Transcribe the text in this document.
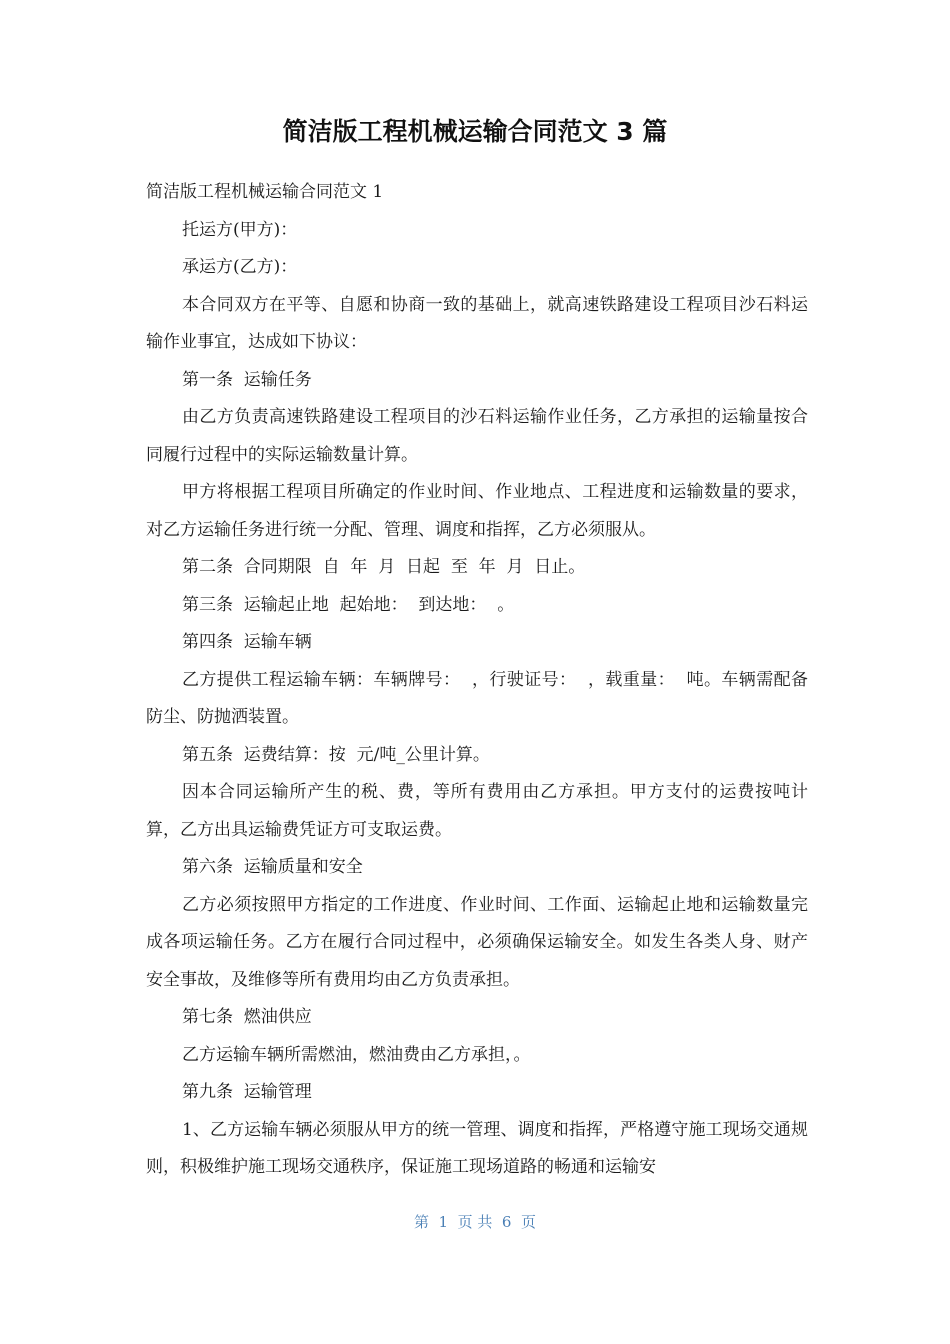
简洁版工程机械运输合同范文 3 篇

简洁版工程机械运输合同范文 1

托运方(甲方)：

承运方(乙方)：

本合同双方在平等、自愿和协商一致的基础上，就高速铁路建设工程项目沙石料运输作业事宜，达成如下协议：

第一条  运输任务

由乙方负责高速铁路建设工程项目的沙石料运输作业任务，乙方承担的运输量按合同履行过程中的实际运输数量计算。

甲方将根据工程项目所确定的作业时间、作业地点、工程进度和运输数量的要求，对乙方运输任务进行统一分配、管理、调度和指挥，乙方必须服从。

第二条  合同期限  自  年  月  日起  至  年  月  日止。

第三条  运输起止地  起始地：  到达地：  。

第四条  运输车辆

乙方提供工程运输车辆：车辆牌号：  ，行驶证号：  ，载重量：  吨。车辆需配备防尘、防抛洒装置。

第五条  运费结算：按  元/吨_公里计算。

因本合同运输所产生的税、费，等所有费用由乙方承担。甲方支付的运费按吨计算，乙方出具运输费凭证方可支取运费。

第六条  运输质量和安全

乙方必须按照甲方指定的工作进度、作业时间、工作面、运输起止地和运输数量完成各项运输任务。乙方在履行合同过程中，必须确保运输安全。如发生各类人身、财产安全事故，及维修等所有费用均由乙方负责承担。

第七条  燃油供应

乙方运输车辆所需燃油，燃油费由乙方承担，。

第九条  运输管理

1、乙方运输车辆必须服从甲方的统一管理、调度和指挥，严格遵守施工现场交通规则，积极维护施工现场交通秩序，保证施工现场道路的畅通和运输安

第  1  页 共  6  页
